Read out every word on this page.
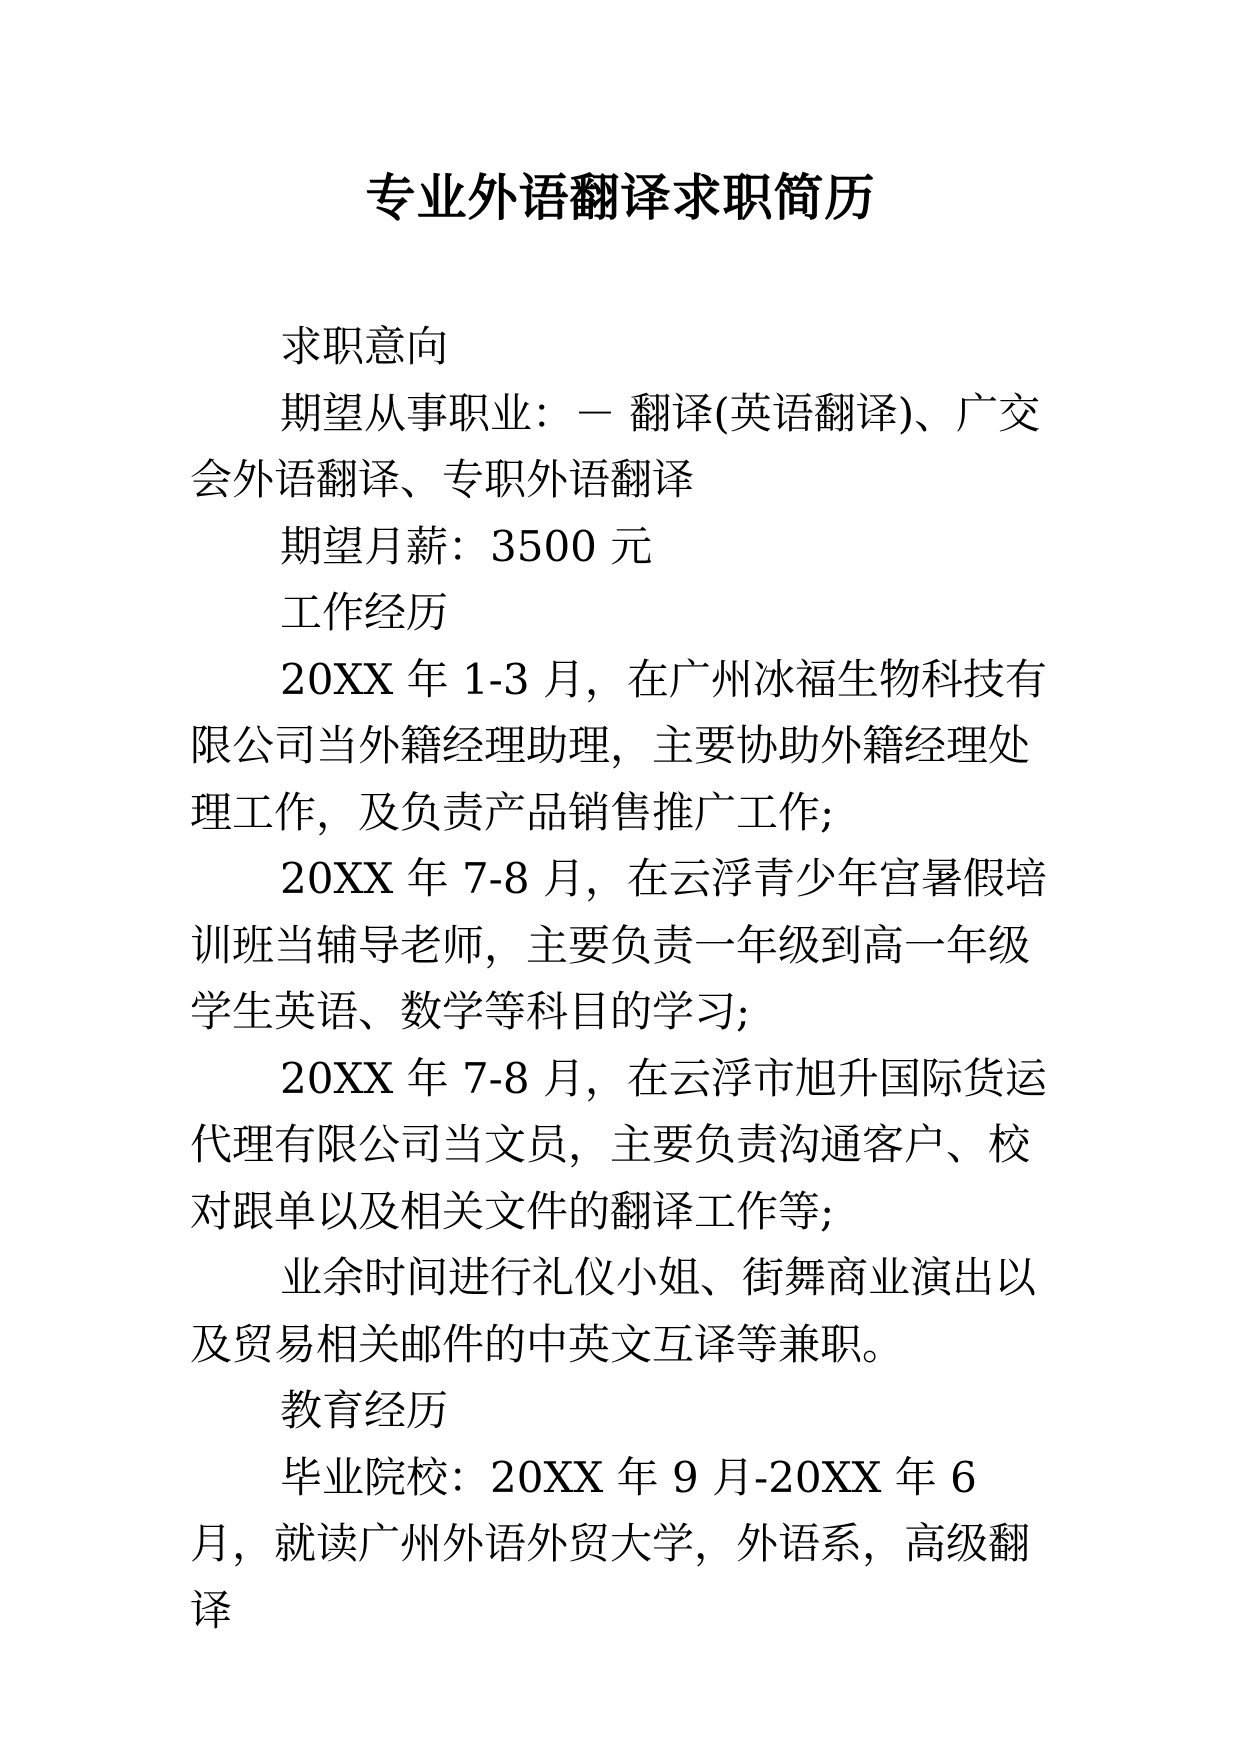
专业外语翻译求职简历

求职意向

期望从事职业：－ 翻译(英语翻译)、广交会外语翻译、专职外语翻译

期望月薪：3500 元

工作经历

20XX 年 1-3 月，在广州冰福生物科技有限公司当外籍经理助理，主要协助外籍经理处理工作，及负责产品销售推广工作;

20XX 年 7-8 月，在云浮青少年宫暑假培训班当辅导老师，主要负责一年级到高一年级学生英语、数学等科目的学习;

20XX 年 7-8 月，在云浮市旭升国际货运代理有限公司当文员，主要负责沟通客户、校对跟单以及相关文件的翻译工作等;

业余时间进行礼仪小姐、街舞商业演出以及贸易相关邮件的中英文互译等兼职。

教育经历

毕业院校：20XX 年 9 月-20XX 年 6 月，就读广州外语外贸大学，外语系，高级翻译
